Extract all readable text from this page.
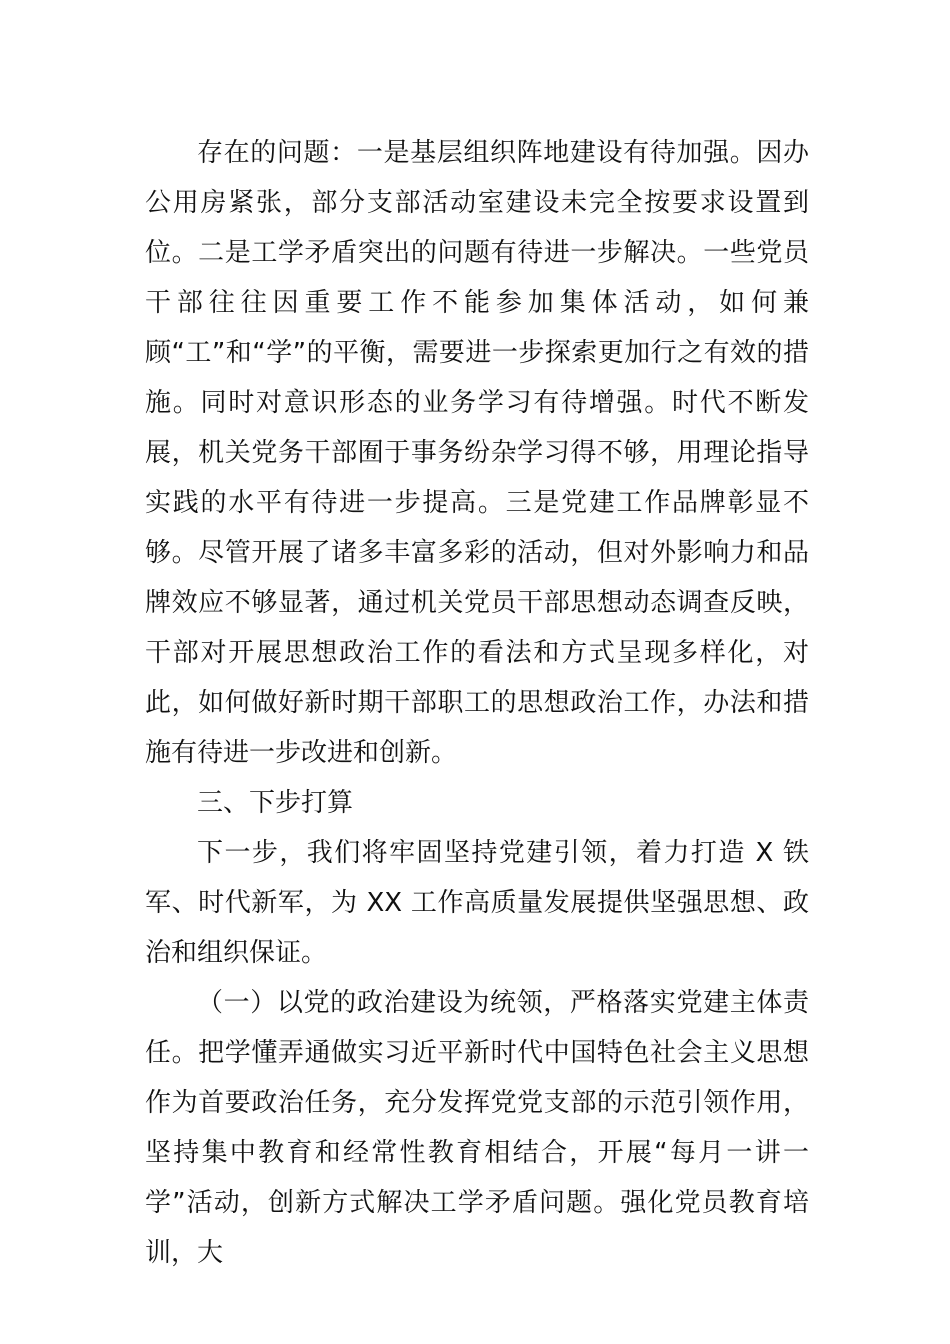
存在的问题：一是基层组织阵地建设有待加强。因办公用房紧张，部分支部活动室建设未完全按要求设置到位。二是工学矛盾突出的问题有待进一步解决。一些党员干部往往因重要工作不能参加集体活动，如何兼顾“工”和“学”的平衡，需要进一步探索更加行之有效的措施。同时对意识形态的业务学习有待增强。时代不断发展，机关党务干部囿于事务纷杂学习得不够，用理论指导实践的水平有待进一步提高。三是党建工作品牌彰显不够。尽管开展了诸多丰富多彩的活动，但对外影响力和品牌效应不够显著，通过机关党员干部思想动态调查反映，干部对开展思想政治工作的看法和方式呈现多样化，对此，如何做好新时期干部职工的思想政治工作，办法和措施有待进一步改进和创新。

三、下步打算

下一步，我们将牢固坚持党建引领，着力打造 X 铁军、时代新军，为 XX 工作高质量发展提供坚强思想、政治和组织保证。

（一）以党的政治建设为统领，严格落实党建主体责任。把学懂弄通做实习近平新时代中国特色社会主义思想作为首要政治任务，充分发挥党党支部的示范引领作用，坚持集中教育和经常性教育相结合，开展“每月一讲一学”活动，创新方式解决工学矛盾问题。强化党员教育培训，大
